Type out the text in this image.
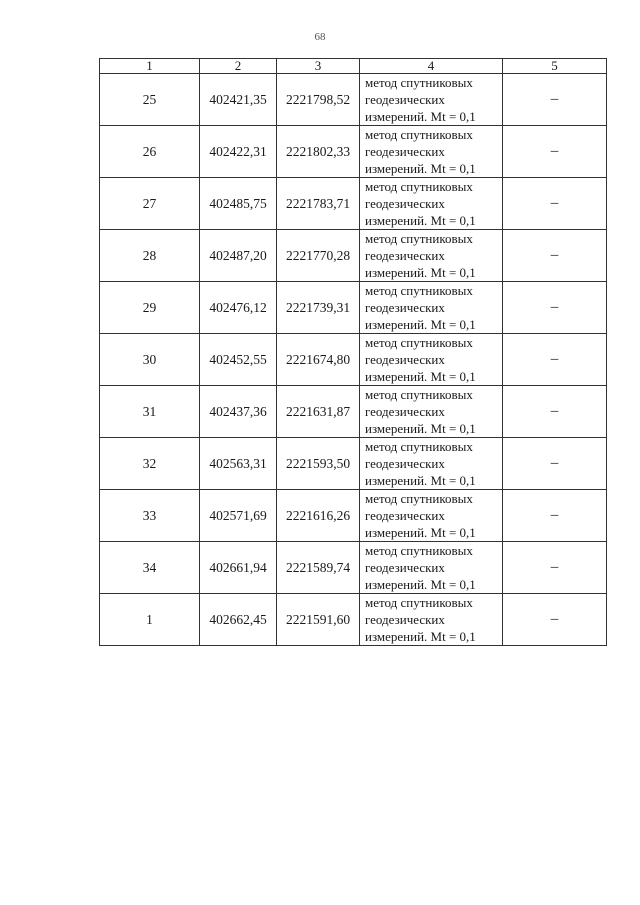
68
1	2	3	4	5
25	402421,35	2221798,52	метод спутниковых
геодезических
измерений. Mt = 0,1	–
26	402422,31	2221802,33	метод спутниковых
геодезических
измерений. Mt = 0,1	–
27	402485,75	2221783,71	метод спутниковых
геодезических
измерений. Mt = 0,1	–
28	402487,20	2221770,28	метод спутниковых
геодезических
измерений. Mt = 0,1	–
29	402476,12	2221739,31	метод спутниковых
геодезических
измерений. Mt = 0,1	–
30	402452,55	2221674,80	метод спутниковых
геодезических
измерений. Mt = 0,1	–
31	402437,36	2221631,87	метод спутниковых
геодезических
измерений. Mt = 0,1	–
32	402563,31	2221593,50	метод спутниковых
геодезических
измерений. Mt = 0,1	–
33	402571,69	2221616,26	метод спутниковых
геодезических
измерений. Mt = 0,1	–
34	402661,94	2221589,74	метод спутниковых
геодезических
измерений. Mt = 0,1	–
1	402662,45	2221591,60	метод спутниковых
геодезических
измерений. Mt = 0,1	–
